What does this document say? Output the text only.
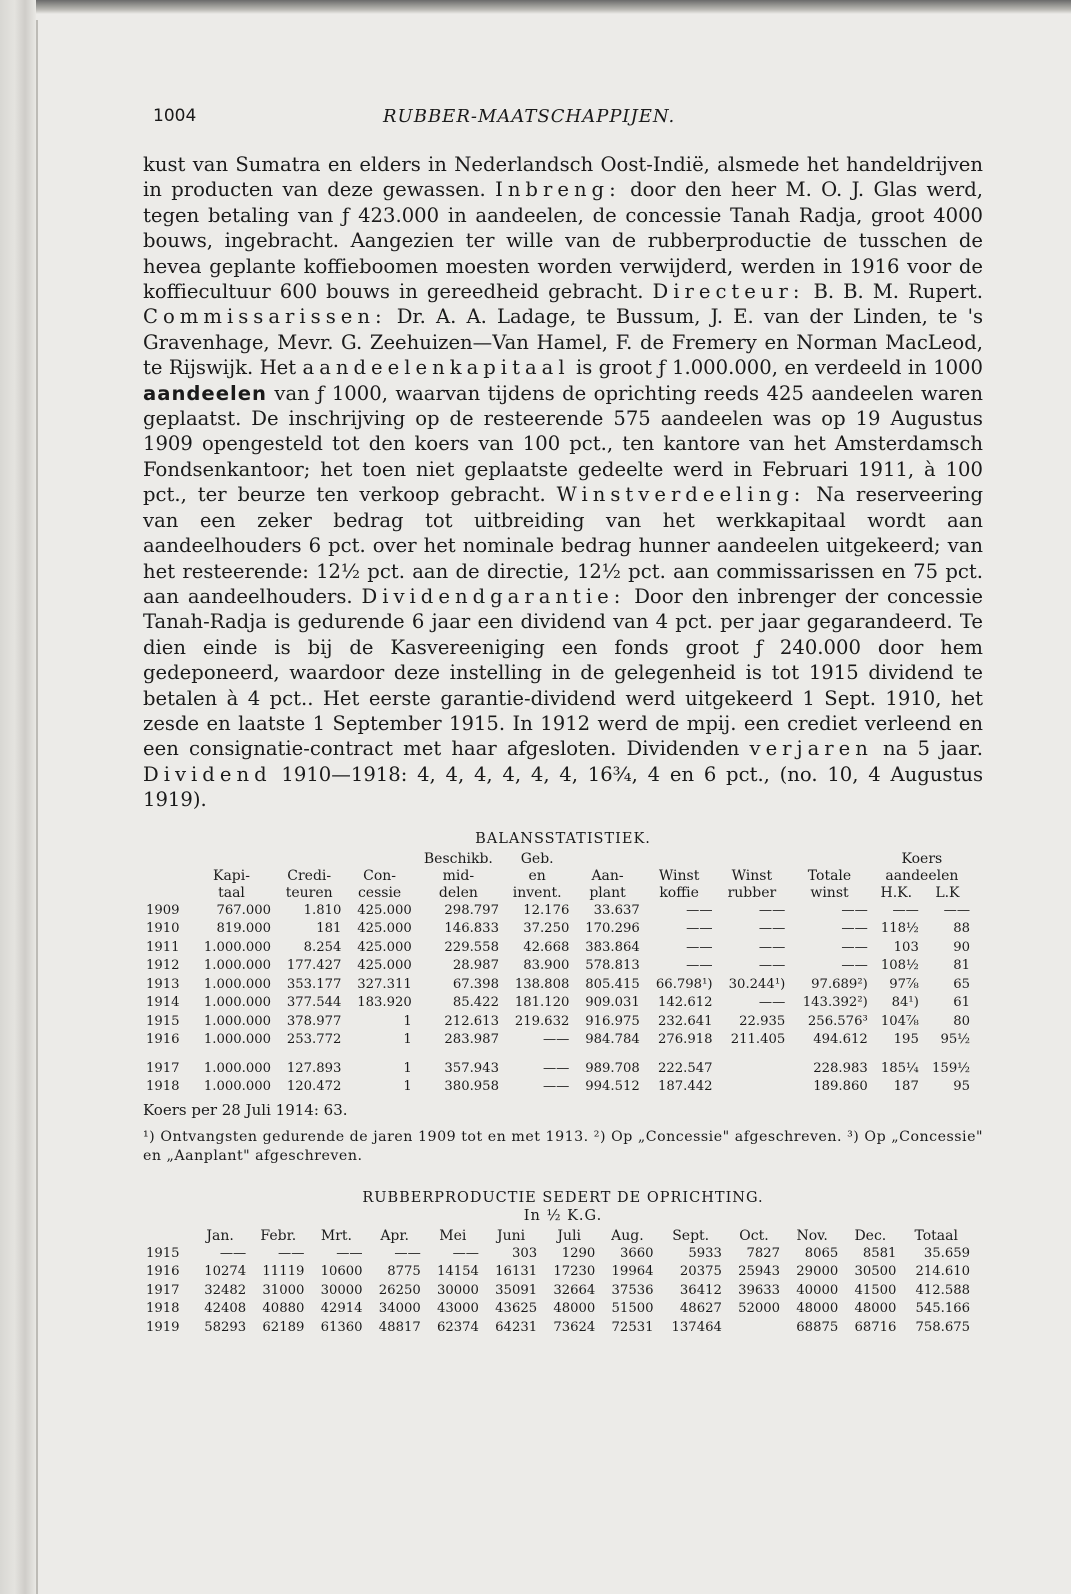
1004	RUBBER-MAATSCHAPPIJEN.

kust van Sumatra en elders in Nederlandsch Oost-Indië, alsmede het handeldrijven in producten van deze gewassen. Inbreng: door den heer M. O. J. Glas werd, tegen betaling van ƒ 423.000 in aandeelen, de concessie Tanah Radja, groot 4000 bouws, ingebracht. Aangezien ter wille van de rubberproductie de tusschen de hevea geplante koffieboomen moesten worden verwijderd, werden in 1916 voor de koffiecultuur 600 bouws in gereedheid gebracht. Directeur: B. B. M. Rupert. Commissarissen: Dr. A. A. Ladage, te Bussum, J. E. van der Linden, te 's Gravenhage, Mevr. G. Zeehuizen—Van Hamel, F. de Fremery en Norman MacLeod, te Rijswijk. Het aandeelenkapitaal is groot ƒ 1.000.000, en verdeeld in 1000 aandeelen van ƒ 1000, waarvan tijdens de oprichting reeds 425 aandeelen waren geplaatst. De inschrijving op de resteerende 575 aandeelen was op 19 Augustus 1909 opengesteld tot den koers van 100 pct., ten kantore van het Amsterdamsch Fondsenkantoor; het toen niet geplaatste gedeelte werd in Februari 1911, à 100 pct., ter beurze ten verkoop gebracht. Winstverdeeling: Na reserveering van een zeker bedrag tot uitbreiding van het werkkapitaal wordt aan aandeelhouders 6 pct. over het nominale bedrag hunner aandeelen uitgekeerd; van het resteerende: 12½ pct. aan de directie, 12½ pct. aan commissarissen en 75 pct. aan aandeelhouders. Dividendgarantie: Door den inbrenger der concessie Tanah-Radja is gedurende 6 jaar een dividend van 4 pct. per jaar gegarandeerd. Te dien einde is bij de Kasvereeniging een fonds groot ƒ 240.000 door hem gedeponeerd, waardoor deze instelling in de gelegenheid is tot 1915 dividend te betalen à 4 pct.. Het eerste garantie-dividend werd uitgekeerd 1 Sept. 1910, het zesde en laatste 1 September 1915. In 1912 werd de mpij. een crediet verleend en een consignatie-contract met haar afgesloten. Dividenden verjaren na 5 jaar. Dividend 1910—1918: 4, 4, 4, 4, 4, 4, 16¾, 4 en 6 pct., (no. 10, 4 Augustus 1919).

BALANSSTATISTIEK.
				Beschikb.	Geb.					Koers	
	Kapi-	Credi-	Con-	mid-	en	Aan-	Winst	Winst	Totale	aandeelen	
	taal	teuren	cessie	delen	invent.	plant	koffie	rubber	winst	H.K.	L.K
1909	767.000	1.810	425.000	298.797	12.176	33.637	——	——	——	——	——
1910	819.000	181	425.000	146.833	37.250	170.296	——	——	——	118½	88
1911	1.000.000	8.254	425.000	229.558	42.668	383.864	——	——	——	103	90
1912	1.000.000	177.427	425.000	28.987	83.900	578.813	——	——	——	108½	81
1913	1.000.000	353.177	327.311	67.398	138.808	805.415	66.798¹)	30.244¹)	97.689²)	97⅞	65
1914	1.000.000	377.544	183.920	85.422	181.120	909.031	142.612	——	143.392²)	84¹)	61
1915	1.000.000	378.977	1	212.613	219.632	916.975	232.641	22.935	256.576³	104⅞	80
1916	1.000.000	253.772	1	283.987	——	984.784	276.918	211.405	494.612	195	95½

1917	1.000.000	127.893	1	357.943	——	989.708	222.547		228.983	185¼	159½
1918	1.000.000	120.472	1	380.958	——	994.512	187.442		189.860	187	95
Koers per 28 Juli 1914: 63.
¹) Ontvangsten gedurende de jaren 1909 tot en met 1913. ²) Op „Concessie" afgeschreven. ³) Op „Concessie" en „Aanplant" afgeschreven.
RUBBERPRODUCTIE SEDERT DE OPRICHTING.
In ½ K.G.
	Jan.	Febr.	Mrt.	Apr.	Mei	Juni	Juli	Aug.	Sept.	Oct.	Nov.	Dec.	Totaal
1915	——	——	——	——	——	303	1290	3660	5933	7827	8065	8581	35.659
1916	10274	11119	10600	8775	14154	16131	17230	19964	20375	25943	29000	30500	214.610
1917	32482	31000	30000	26250	30000	35091	32664	37536	36412	39633	40000	41500	412.588
1918	42408	40880	42914	34000	43000	43625	48000	51500	48627	52000	48000	48000	545.166
1919	58293	62189	61360	48817	62374	64231	73624	72531	137464		68875	68716	758.675
